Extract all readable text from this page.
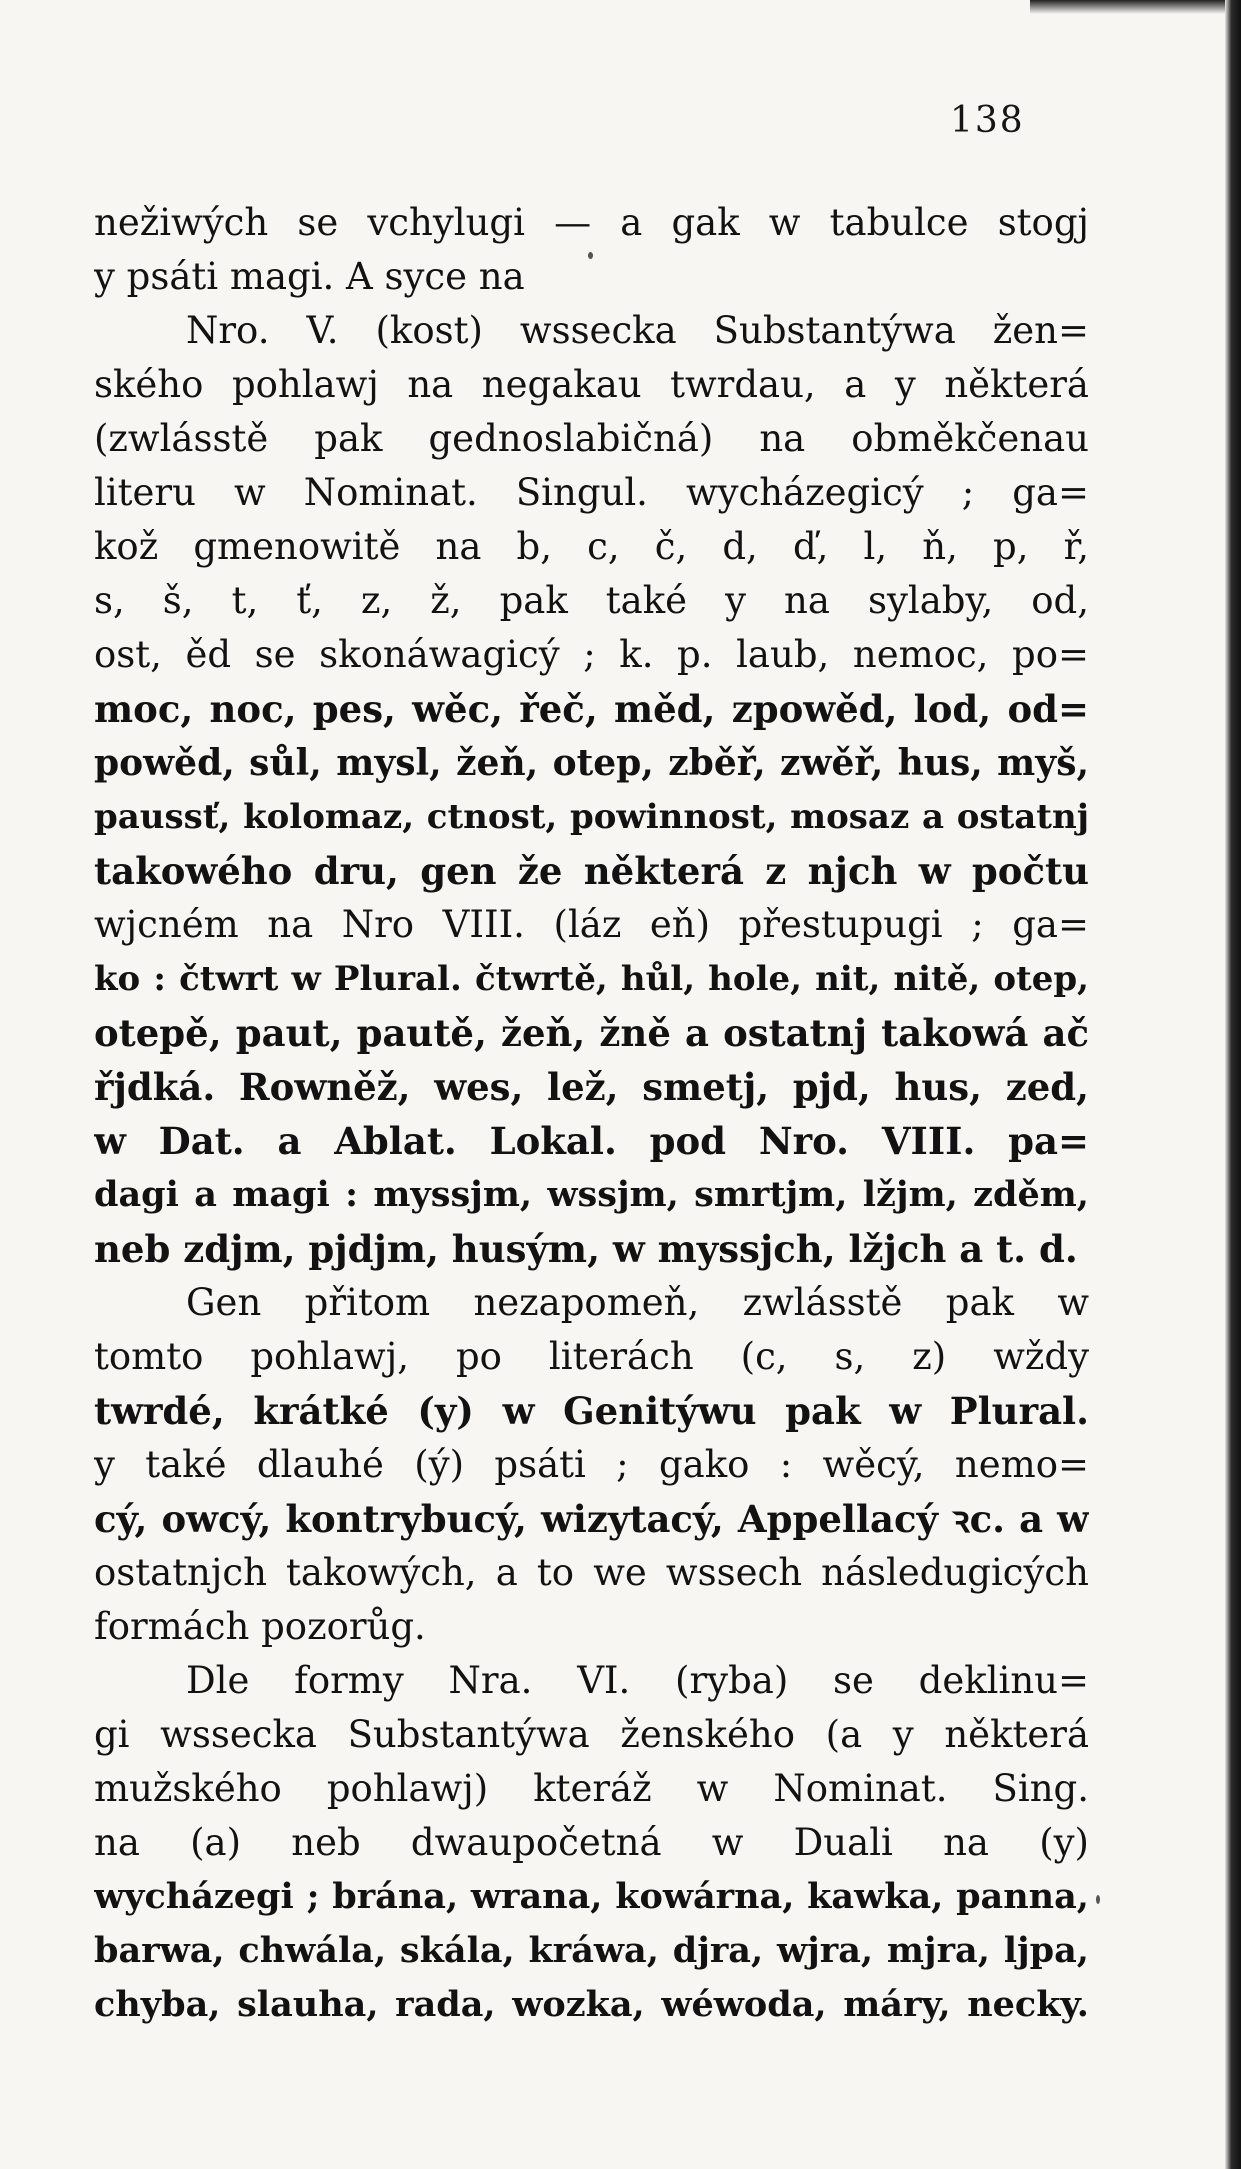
138
nežiwých se vchylugi — a gak w tabulce stogj
y psáti magi. A syce na
Nro. V. (kost) wssecka Substantýwa žen=
ského pohlawj na negakau twrdau, a y některá
(zwlásstě pak gednoslabičná) na obměkčenau
literu w Nominat. Singul. wycházegicý ; ga=
kož gmenowitě na b, c, č, d, ď, l, ň, p, ř,
s, š, t, ť, z, ž, pak také y na sylaby, od,
ost, ěd se skonáwagicý ; k. p. laub, nemoc, po=
moc, noc, pes, wěc, řeč, měd, zpowěd, lod, od=
powěd, sůl, mysl, žeň, otep, zběř, zwěř, hus, myš,
paussť, kolomaz, ctnost, powinnost, mosaz a ostatnj
takowého dru, gen že některá z njch w počtu
wjcném na Nro VIII. (láz eň) přestupugi ; ga=
ko : čtwrt w Plural. čtwrtě, hůl, hole, nit, nitě, otep,
otepě, paut, pautě, žeň, žně a ostatnj takowá ač
řjdká. Rowněž, wes, lež, smetj, pjd, hus, zed,
w Dat. a Ablat. Lokal. pod Nro. VIII. pa=
dagi a magi : myssjm, wssjm, smrtjm, lžjm, zděm,
neb zdjm, pjdjm, husým, w myssjch, lžjch a t. d.
Gen přitom nezapomeň, zwlásstě pak w
tomto pohlawj, po literách (c, s, z) wždy
twrdé, krátké (y) w Genitýwu pak w Plural.
y také dlauhé (ý) psáti ; gako : wěcý, nemo=
cý, owcý, kontrybucý, wizytacý, Appellacý ꝛc. a w
ostatnjch takowých, a to we wssech následugicých
formách pozorůg.
Dle formy Nra. VI. (ryba) se deklinu=
gi wssecka Substantýwa ženského (a y některá
mužského pohlawj) kteráž w Nominat. Sing.
na (a) neb dwaupočetná w Duali na (y)
wycházegi ; brána, wrana, kowárna, kawka, panna,
barwa, chwála, skála, kráwa, djra, wjra, mjra, ljpa,
chyba, slauha, rada, wozka, wéwoda, máry, necky.
